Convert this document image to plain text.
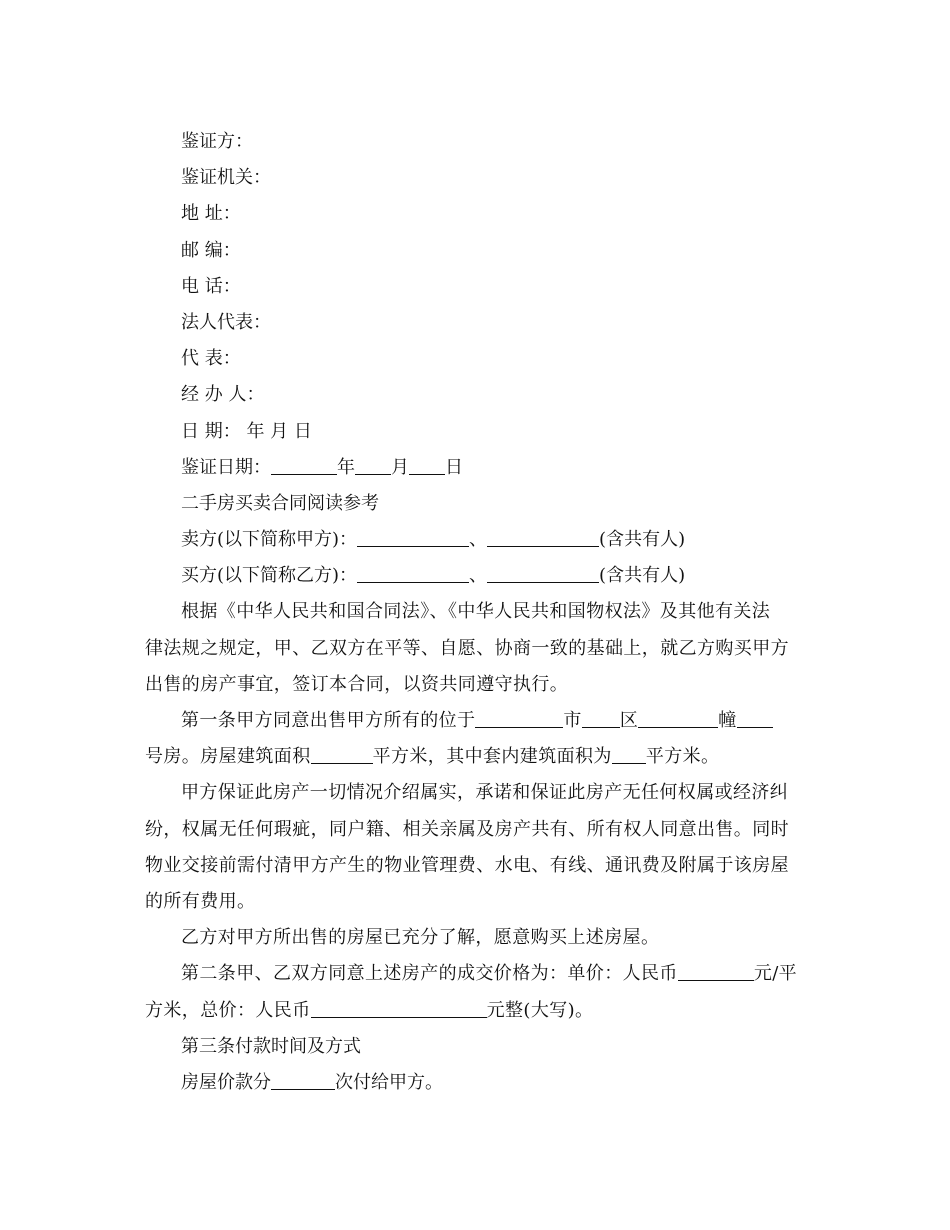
鉴证方：
鉴证机关：
地 址：
邮 编：
电 话：
法人代表：
代 表：
经 办 人：
日 期： 年 月 日
鉴证日期：	年 月 日
二手房买卖合同阅读参考
卖方(以下简称甲方)：	、	(含共有人)
买方(以下简称乙方)：	、	(含共有人)

根据《中华人民共和国合同法》、《中华人民共和国物权法》及其他有关法
律法规之规定，甲、乙双方在平等、自愿、协商一致的基础上，就乙方购买甲方
出售的房产事宜，签订本合同，以资共同遵守执行。

第一条甲方同意出售甲方所有的位于	市 区	幢
号房。房屋建筑面积	平方米，其中套内建筑面积为 平方米。

甲方保证此房产一切情况介绍属实，承诺和保证此房产无任何权属或经济纠
纷，权属无任何瑕疵，同户籍、相关亲属及房产共有、所有权人同意出售。同时
物业交接前需付清甲方产生的物业管理费、水电、有线、通讯费及附属于该房屋
的所有费用。

乙方对甲方所出售的房屋已充分了解，愿意购买上述房屋。

第二条甲、乙双方同意上述房产的成交价格为：单价：人民币	元/平
方米，总价：人民币	元整(大写)。

第三条付款时间及方式
房屋价款分	次付给甲方。
